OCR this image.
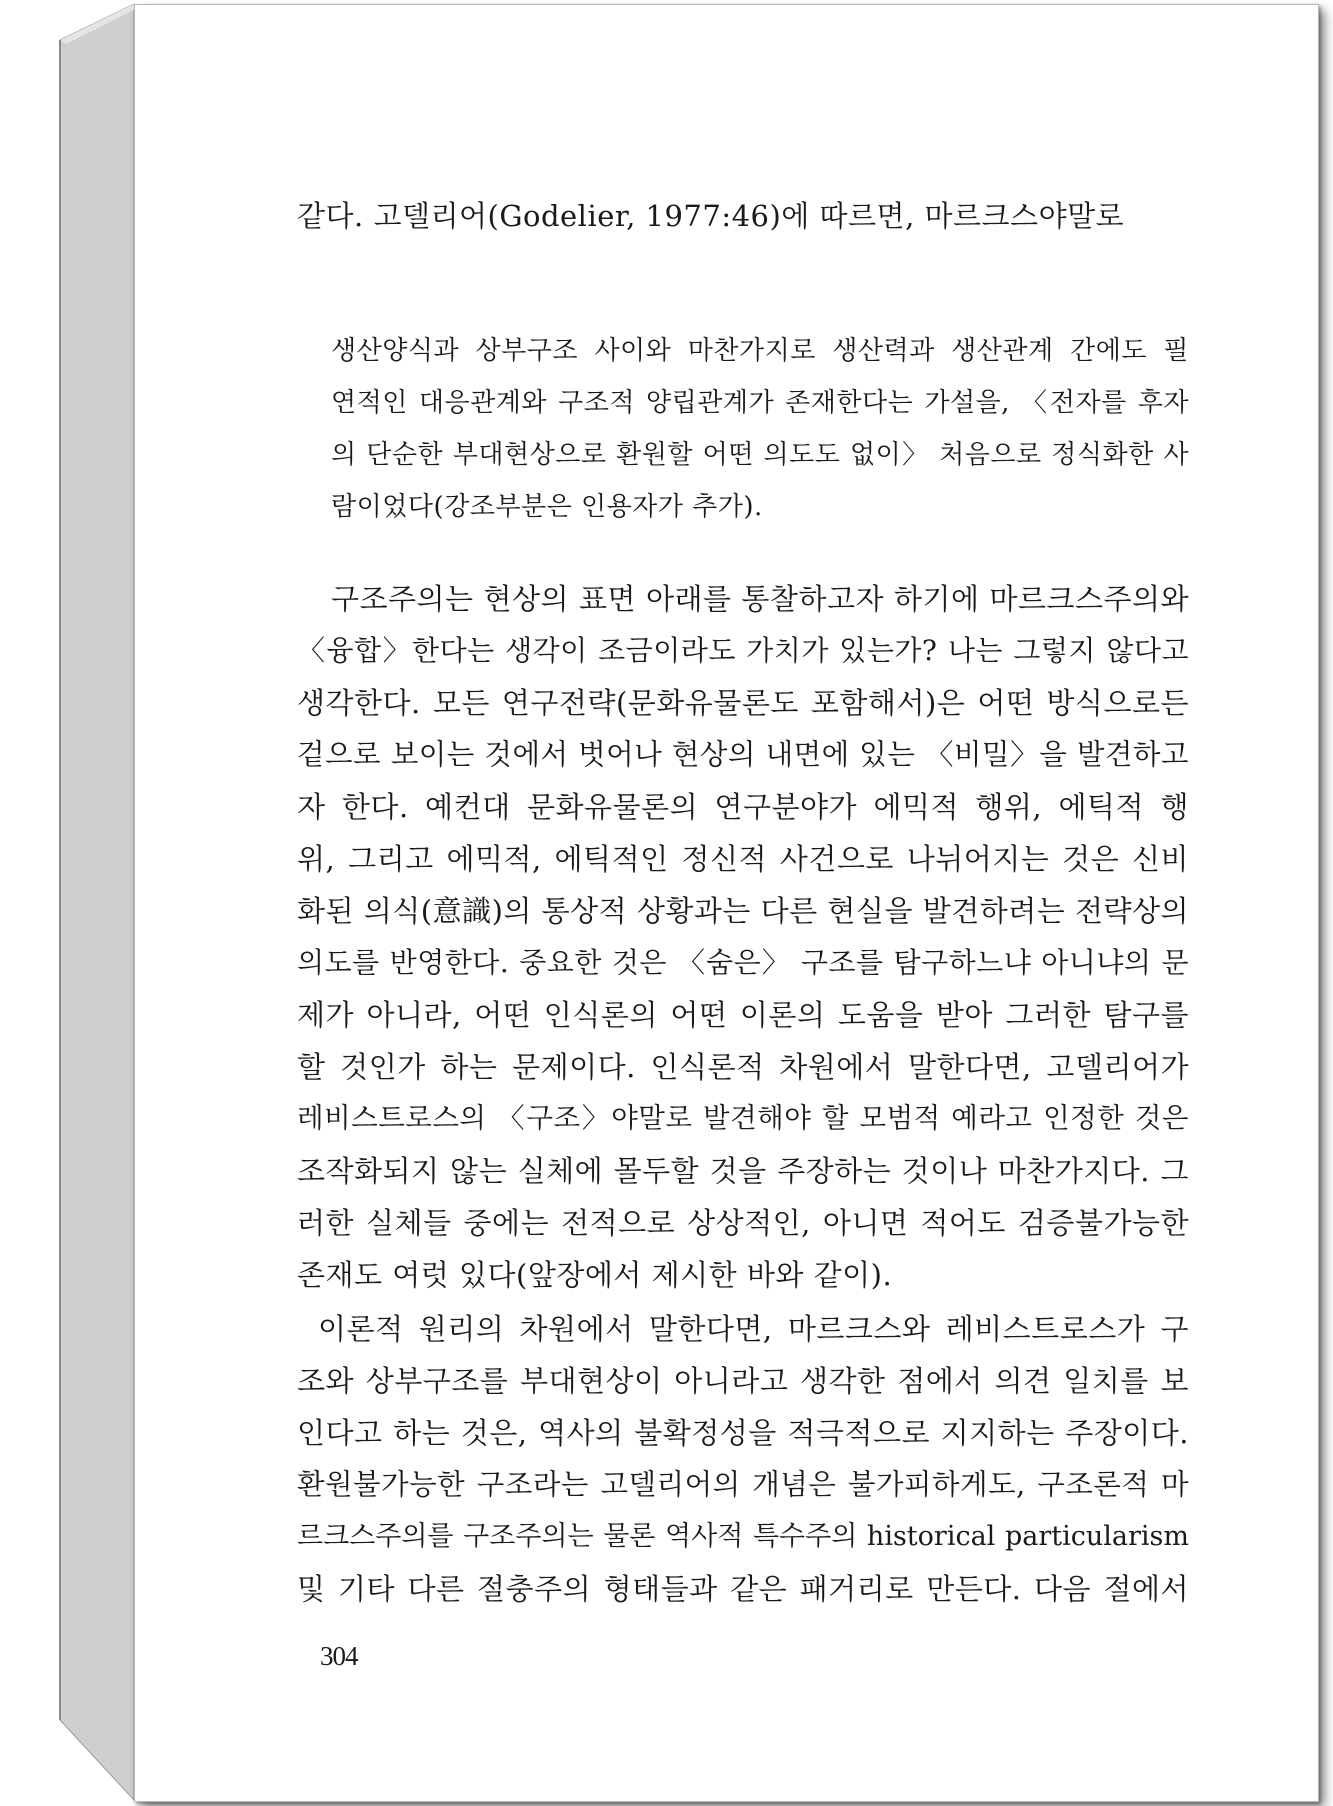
같다. 고델리어(Godelier, 1977:46)에 따르면, 마르크스야말로
생산양식과 상부구조 사이와 마찬가지로 생산력과 생산관계 간에도 필
연적인 대응관계와 구조적 양립관계가 존재한다는 가설을, 〈전자를 후자
의 단순한 부대현상으로 환원할 어떤 의도도 없이〉 처음으로 정식화한 사
람이었다(강조부분은 인용자가 추가).
구조주의는 현상의 표면 아래를 통찰하고자 하기에 마르크스주의와
〈융합〉한다는 생각이 조금이라도 가치가 있는가? 나는 그렇지 않다고
생각한다. 모든 연구전략(문화유물론도 포함해서)은 어떤 방식으로든
겉으로 보이는 것에서 벗어나 현상의 내면에 있는 〈비밀〉을 발견하고
자 한다. 예컨대 문화유물론의 연구분야가 에믹적 행위, 에틱적 행
위, 그리고 에믹적, 에틱적인 정신적 사건으로 나뉘어지는 것은 신비
화된 의식(意識)의 통상적 상황과는 다른 현실을 발견하려는 전략상의
의도를 반영한다. 중요한 것은 〈숨은〉 구조를 탐구하느냐 아니냐의 문
제가 아니라, 어떤 인식론의 어떤 이론의 도움을 받아 그러한 탐구를
할 것인가 하는 문제이다. 인식론적 차원에서 말한다면, 고델리어가
레비스트로스의 〈구조〉야말로 발견해야 할 모범적 예라고 인정한 것은
조작화되지 않는 실체에 몰두할 것을 주장하는 것이나 마찬가지다. 그
러한 실체들 중에는 전적으로 상상적인, 아니면 적어도 검증불가능한
존재도 여럿 있다(앞장에서 제시한 바와 같이).
이론적 원리의 차원에서 말한다면, 마르크스와 레비스트로스가 구
조와 상부구조를 부대현상이 아니라고 생각한 점에서 의견 일치를 보
인다고 하는 것은, 역사의 불확정성을 적극적으로 지지하는 주장이다.
환원불가능한 구조라는 고델리어의 개념은 불가피하게도, 구조론적 마
르크스주의를 구조주의는 물론 역사적 특수주의 historical particularism
및 기타 다른 절충주의 형태들과 같은 패거리로 만든다. 다음 절에서
304
